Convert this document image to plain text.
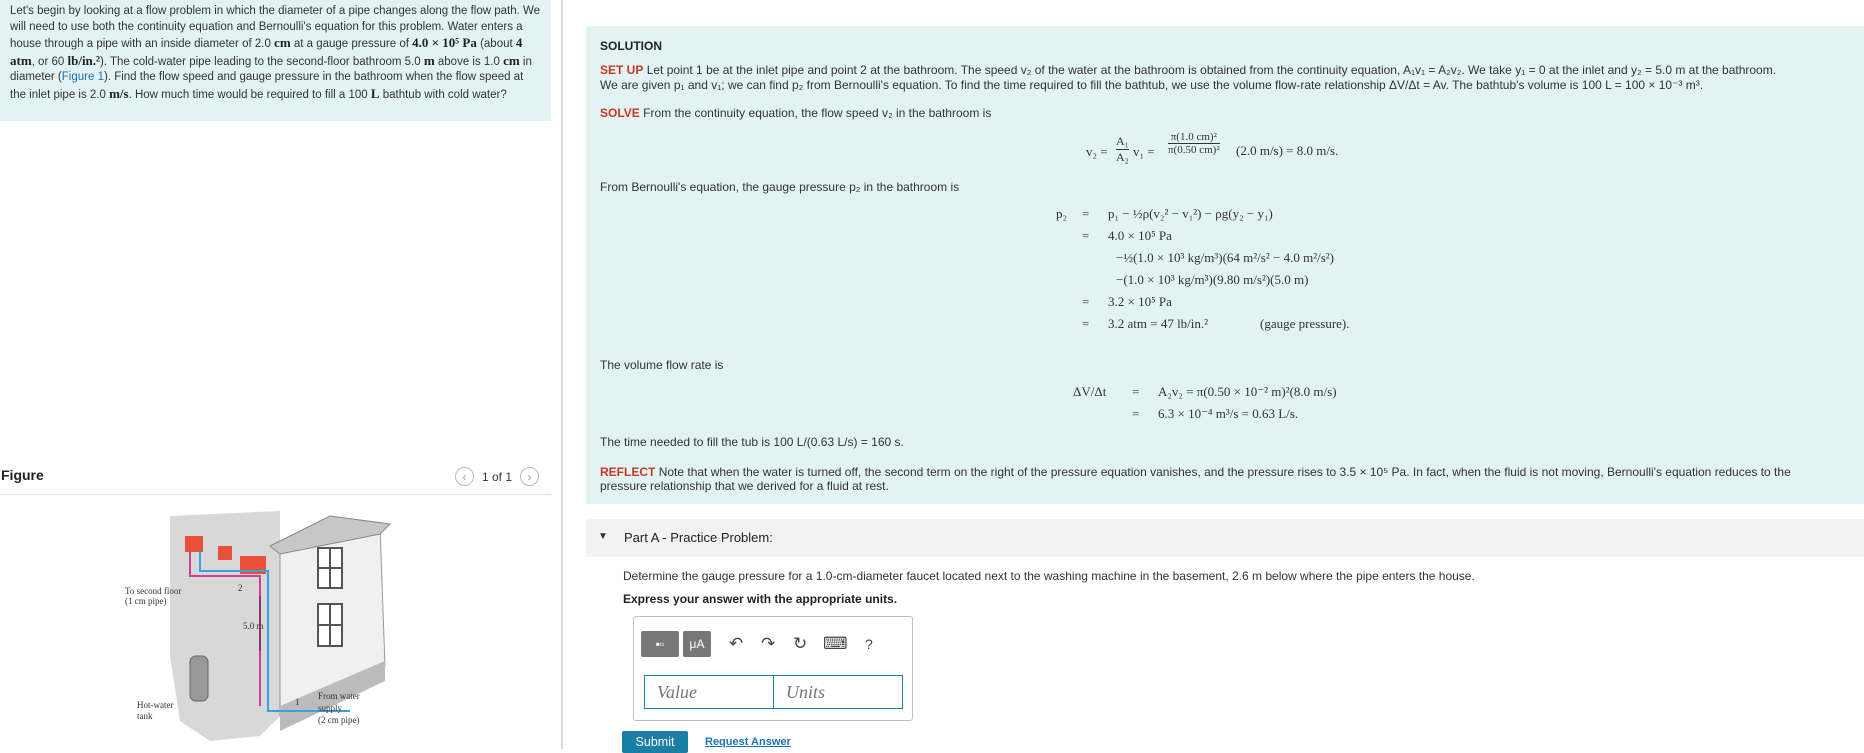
Let's begin by looking at a flow problem in which the diameter of a pipe changes along the flow path. We will need to use both the continuity equation and Bernoulli's equation for this problem. Water enters a house through a pipe with an inside diameter of 2.0 cm at a gauge pressure of 4.0 × 10⁵ Pa (about 4 atm, or 60 lb/in.²). The cold-water pipe leading to the second-floor bathroom 5.0 m above is 1.0 cm in diameter (Figure 1). Find the flow speed and gauge pressure in the bathroom when the flow speed at the inlet pipe is 2.0 m/s. How much time would be required to fill a 100 L bathtub with cold water?
Figure	‹	1 of 1	›
To second floor
(1 cm pipe)
5.0 m
Hot-water
tank
From water
supply
(2 cm pipe)
1
2
SOLUTION
SET UP Let point 1 be at the inlet pipe and point 2 at the bathroom. The speed v₂ of the water at the bathroom is obtained from the continuity equation, A₁v₁ = A₂v₂. We take y₁ = 0 at the inlet and y₂ = 5.0 m at the bathroom.
We are given p₁ and v₁; we can find p₂ from Bernoulli's equation. To find the time required to fill the bathtub, we use the volume flow-rate relationship ΔV/Δt = Av. The bathtub's volume is 100 L = 100 × 10⁻³ m³.
SOLVE From the continuity equation, the flow speed v₂ in the bathroom is
v₂ =
A₁
A₂ v₁ =
π(1.0 cm)²
π(0.50 cm)² (2.0 m/s) = 8.0 m/s.
From Bernoulli's equation, the gauge pressure p₂ in the bathroom is
p₂ = p₁ − ½ρ(v₂² − v₁²) − ρg(y₂ − y₁)
= 4.0 × 10⁵ Pa
−½(1.0 × 10³ kg/m³)(64 m²/s² − 4.0 m²/s²)
−(1.0 × 10³ kg/m³)(9.80 m/s²)(5.0 m)
= 3.2 × 10⁵ Pa
= 3.2 atm = 47 lb/in.²	(gauge pressure).
The volume flow rate is
ΔV/Δt = A₂v₂ = π(0.50 × 10⁻² m)²(8.0 m/s)
= 6.3 × 10⁻⁴ m³/s = 0.63 L/s.
The time needed to fill the tub is 100 L/(0.63 L/s) = 160 s.
REFLECT Note that when the water is turned off, the second term on the right of the pressure equation vanishes, and the pressure rises to 3.5 × 10⁵ Pa. In fact, when the fluid is not moving, Bernoulli's equation reduces to the
pressure relationship that we derived for a fluid at rest.
▼ Part A - Practice Problem:
Determine the gauge pressure for a 1.0-cm-diameter faucet located next to the washing machine in the basement, 2.6 m below where the pipe enters the house.
Express your answer with the appropriate units.
▪▫	μA	↶ ↷ ↻ ⌨ ?
Value
Units
Submit	Request Answer
